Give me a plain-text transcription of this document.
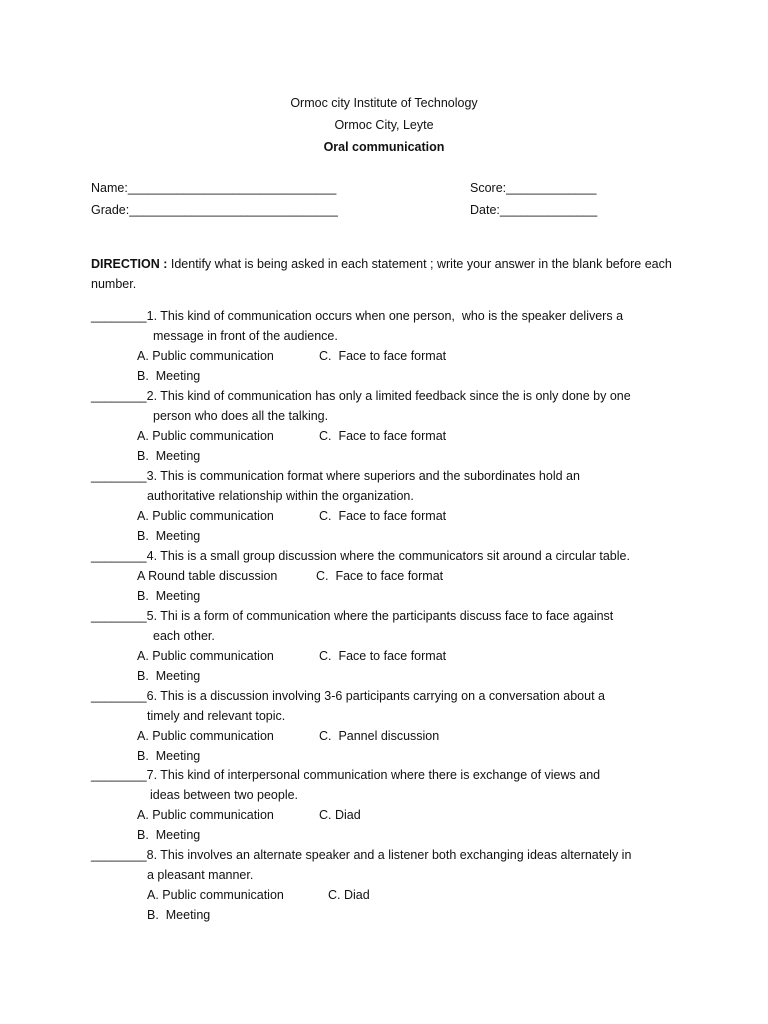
Ormoc city Institute of Technology
Ormoc City, Leyte
Oral communication
Name:______________________________	Score:_____________
Grade:______________________________	Date:______________
DIRECTION : Identify what is being asked in each statement ; write your answer in the blank before each
number.
________1. This kind of communication occurs when one person,  who is the speaker delivers a
message in front of the audience.
A. Public communication	C.  Face to face format
B.  Meeting
________2. This kind of communication has only a limited feedback since the is only done by one
person who does all the talking.
A. Public communication	C.  Face to face format
B.  Meeting
________3. This is communication format where superiors and the subordinates hold an
authoritative relationship within the organization.
A. Public communication	C.  Face to face format
B.  Meeting
________4. This is a small group discussion where the communicators sit around a circular table.
A Round table discussion	C.  Face to face format
B.  Meeting
________5. Thi is a form of communication where the participants discuss face to face against
each other.
A. Public communication	C.  Face to face format
B.  Meeting
________6. This is a discussion involving 3-6 participants carrying on a conversation about a
timely and relevant topic.
A. Public communication	C.  Pannel discussion
B.  Meeting
________7. This kind of interpersonal communication where there is exchange of views and
ideas between two people.
A. Public communication	C. Diad
B.  Meeting
________8. This involves an alternate speaker and a listener both exchanging ideas alternately in
a pleasant manner.
A. Public communication	C. Diad
B.  Meeting
